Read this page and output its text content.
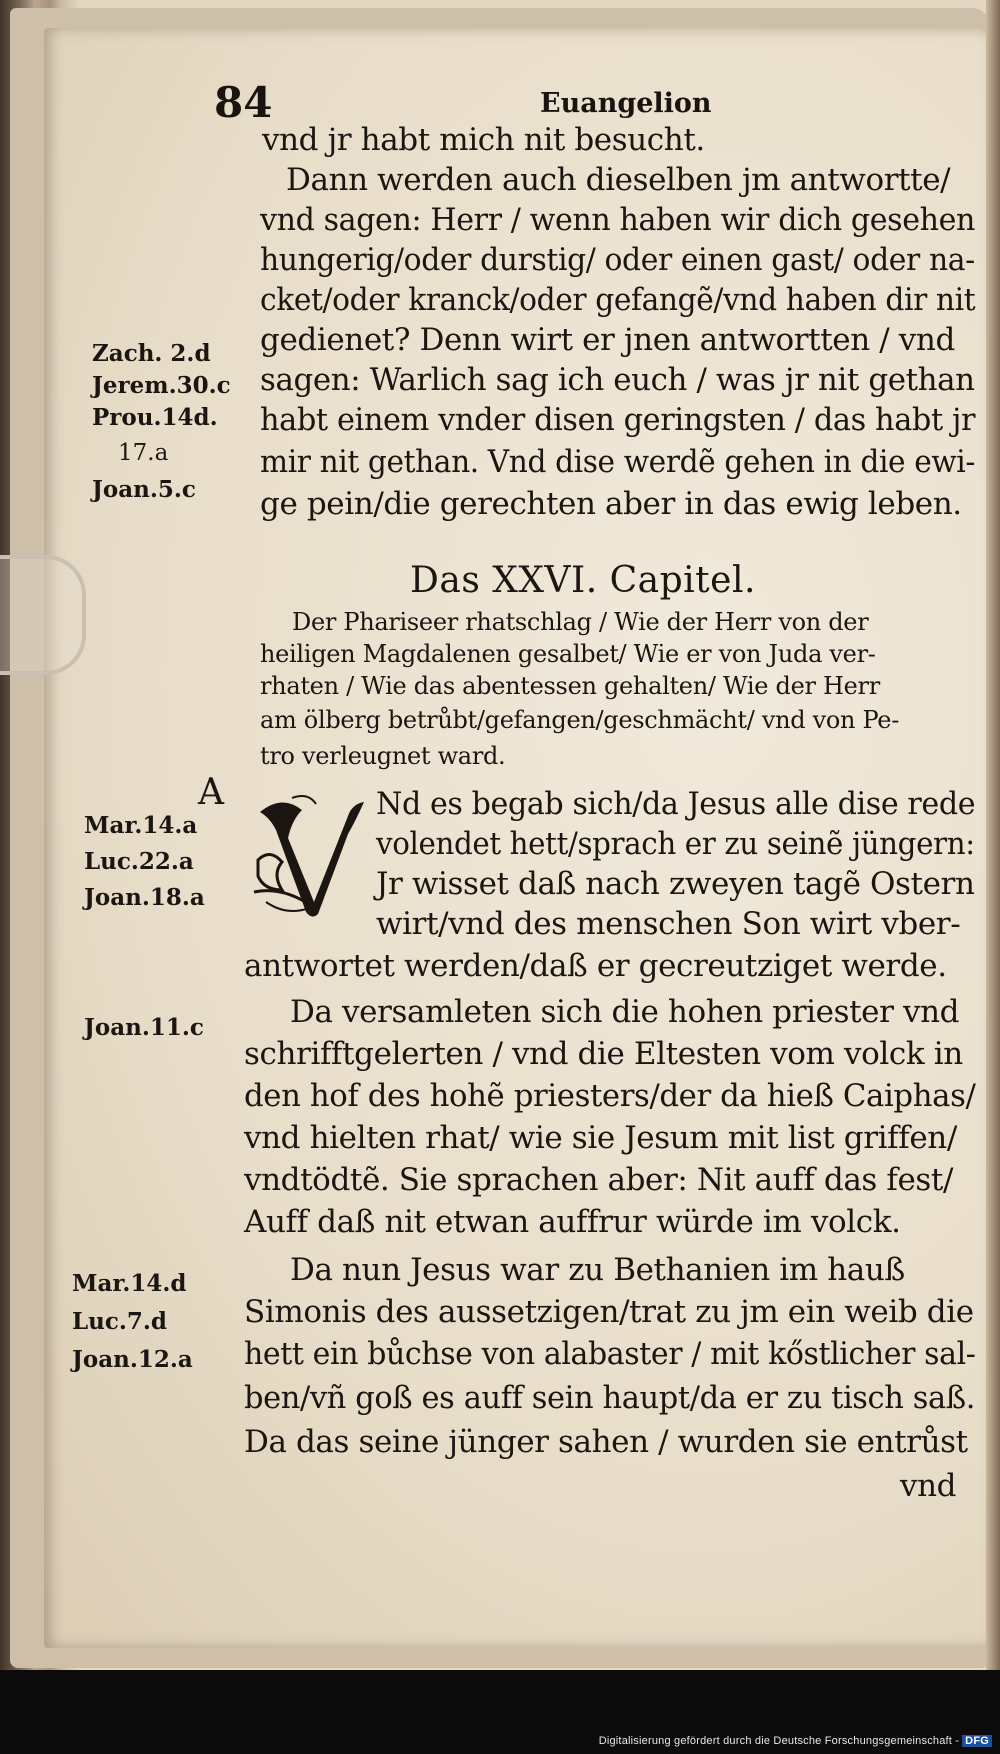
84	Euangelion
vnd jr habt mich nit besucht.
Dann werden auch dieselben jm antwortte/
vnd sagen: Herr / wenn haben wir dich gesehen
hungerig/oder durstig/ oder einen gast/ oder na-
cket/oder kranck/oder gefangẽ/vnd haben dir nit
gedienet? Denn wirt er jnen antwortten / vnd
sagen: Warlich sag ich euch / was jr nit gethan
habt einem vnder disen geringsten / das habt jr
mir nit gethan. Vnd dise werdẽ gehen in die ewi-
ge pein/die gerechten aber in das ewig leben.
Das XXVI. Capitel.
Der Phariseer rhatschlag / Wie der Herr von der
heiligen Magdalenen gesalbet/ Wie er von Juda ver-
rhaten / Wie das abentessen gehalten/ Wie der Herr
am ölberg betrůbt/gefangen/geschmächt/ vnd von Pe-
tro verleugnet ward.
A	Nd es begab sich/da Jesus alle dise rede
volendet hett/sprach er zu seinẽ jüngern:
Jr wisset daß nach zweyen tagẽ Ostern
wirt/vnd des menschen Son wirt vber-
antwortet werden/daß er gecreutziget werde.
Da versamleten sich die hohen priester vnd
schrifftgelerten / vnd die Eltesten vom volck in
den hof des hohẽ priesters/der da hieß Caiphas/
vnd hielten rhat/ wie sie Jesum mit list griffen/
vndtödtẽ. Sie sprachen aber: Nit auff das fest/
Auff daß nit etwan auffrur würde im volck.
Da nun Jesus war zu Bethanien im hauß
Simonis des aussetzigen/trat zu jm ein weib die
hett ein bůchse von alabaster / mit kőstlicher sal-
ben/vñ goß es auff sein haupt/da er zu tisch saß.
Da das seine jünger sahen / wurden sie entrůst
vnd
Zach. 2.d
Jerem.30.c
Prou.14d.
17.a
Joan.5.c
Mar.14.a
Luc.22.a
Joan.18.a
Joan.11.c
Mar.14.d
Luc.7.d
Joan.12.a
Digitalisierung gefördert durch die Deutsche Forschungsgemeinschaft - DFG
